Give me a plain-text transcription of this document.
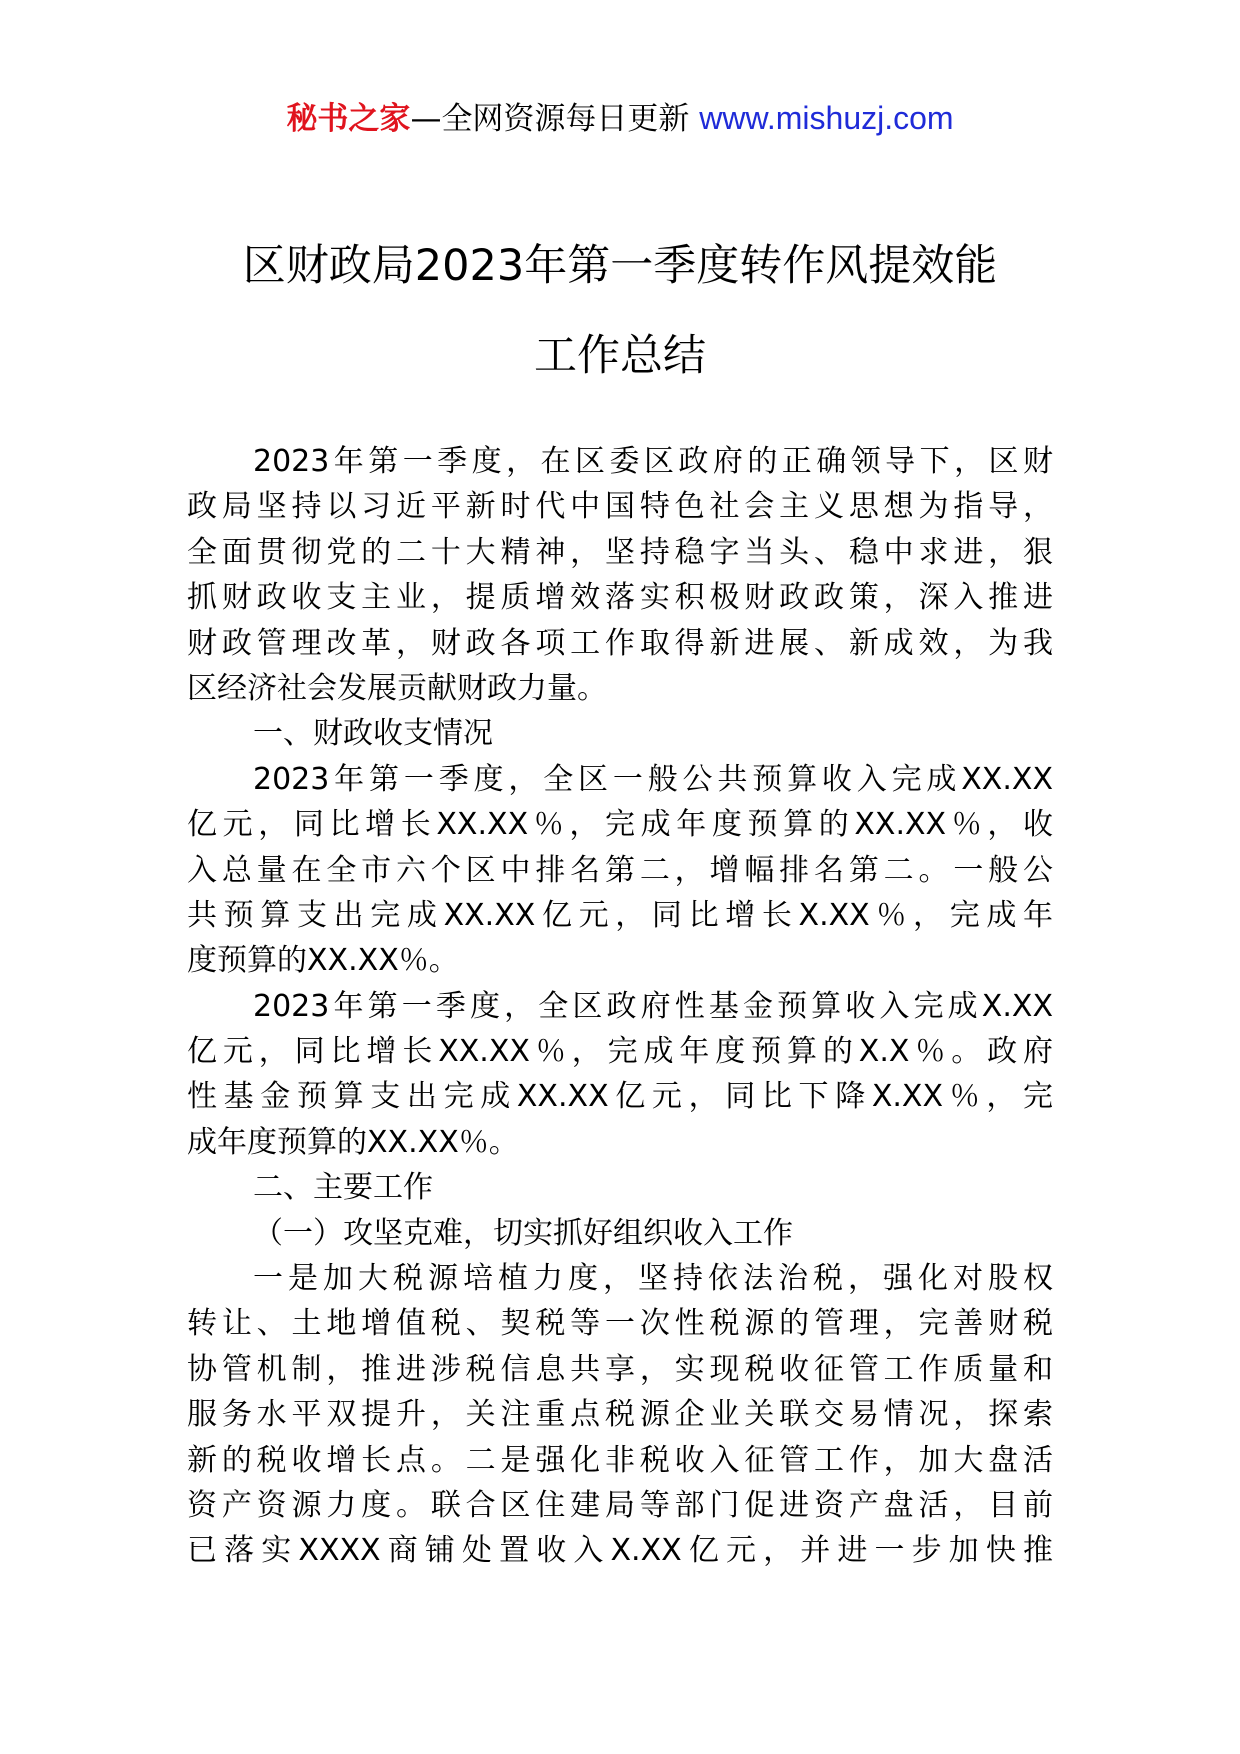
秘书之家—全网资源每日更新 www.mishuzj.com
区财政局2023年第一季度转作风提效能
工作总结
2023年第一季度，在区委区政府的正确领导下，区财
政局坚持以习近平新时代中国特色社会主义思想为指导，
全面贯彻党的二十大精神，坚持稳字当头、稳中求进，狠
抓财政收支主业，提质增效落实积极财政政策，深入推进
财政管理改革，财政各项工作取得新进展、新成效，为我
区经济社会发展贡献财政力量。
一、财政收支情况
2023年第一季度，全区一般公共预算收入完成XX.XX
亿元，同比增长XX.XX％，完成年度预算的XX.XX％，收
入总量在全市六个区中排名第二，增幅排名第二。一般公
共预算支出完成XX.XX亿元，同比增长X.XX％，完成年
度预算的XX.XX％。
2023年第一季度，全区政府性基金预算收入完成X.XX
亿元，同比增长XX.XX％，完成年度预算的X.X％。政府
性基金预算支出完成XX.XX亿元，同比下降X.XX％，完
成年度预算的XX.XX％。
二、主要工作
（一）攻坚克难，切实抓好组织收入工作
一是加大税源培植力度，坚持依法治税，强化对股权
转让、土地增值税、契税等一次性税源的管理，完善财税
协管机制，推进涉税信息共享，实现税收征管工作质量和
服务水平双提升，关注重点税源企业关联交易情况，探索
新的税收增长点。二是强化非税收入征管工作，加大盘活
资产资源力度。联合区住建局等部门促进资产盘活，目前
已落实XXXX商铺处置收入X.XX亿元，并进一步加快推
